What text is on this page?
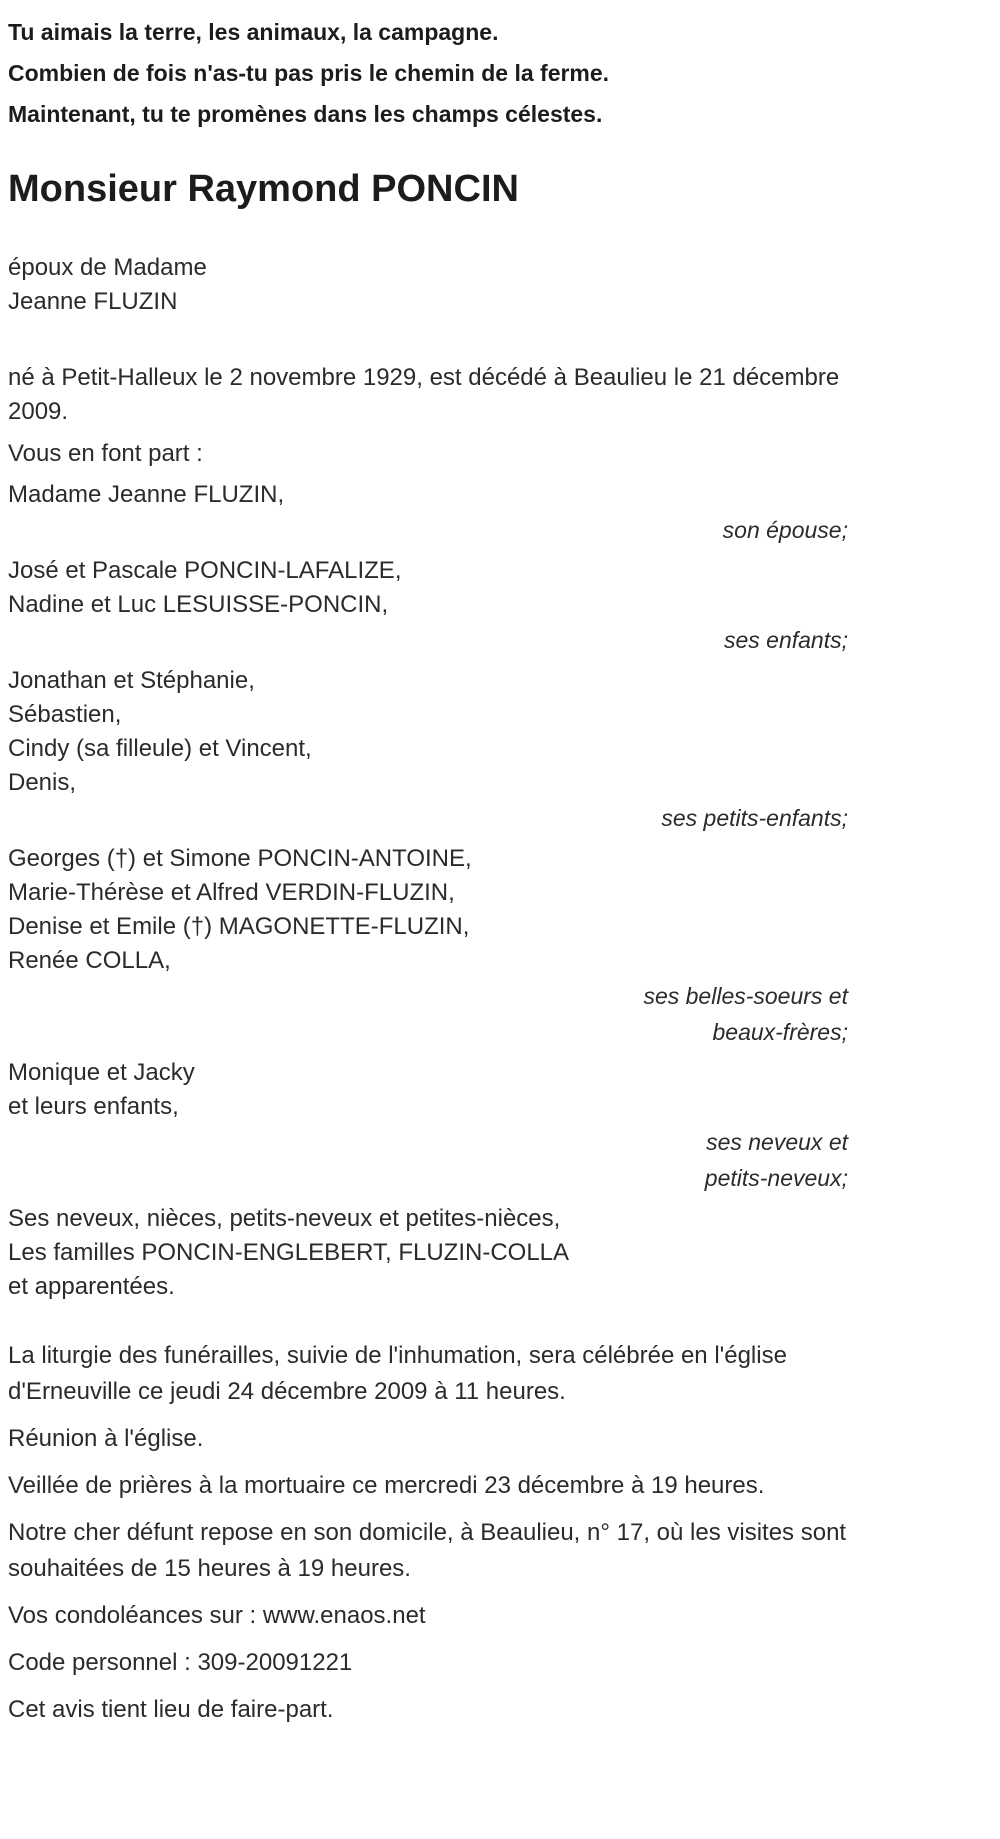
Tu aimais la terre, les animaux, la campagne.

Combien de fois n'as-tu pas pris le chemin de la ferme.

Maintenant, tu te promènes dans les champs célestes.

Monsieur Raymond PONCIN

époux de Madame

Jeanne FLUZIN

né à Petit-Halleux le 2 novembre 1929, est décédé à Beaulieu le 21 décembre 2009.

Vous en font part :

Madame Jeanne FLUZIN,

son épouse;

José et Pascale PONCIN-LAFALIZE,

Nadine et Luc LESUISSE-PONCIN,

ses enfants;

Jonathan et Stéphanie,

Sébastien,

Cindy (sa filleule) et Vincent,

Denis,

ses petits-enfants;

Georges (†) et Simone PONCIN-ANTOINE,

Marie-Thérèse et Alfred VERDIN-FLUZIN,

Denise et Emile (†) MAGONETTE-FLUZIN,

Renée COLLA,

ses belles-soeurs et

beaux-frères;

Monique et Jacky

et leurs enfants,

ses neveux et

petits-neveux;

Ses neveux, nièces, petits-neveux et petites-nièces,

Les familles PONCIN-ENGLEBERT, FLUZIN-COLLA

et apparentées.

La liturgie des funérailles, suivie de l'inhumation, sera célébrée en l'église d'Erneuville ce jeudi 24 décembre 2009 à 11 heures.

Réunion à l'église.

Veillée de prières à la mortuaire ce mercredi 23 décembre à 19 heures.

Notre cher défunt repose en son domicile, à Beaulieu, n° 17, où les visites sont souhaitées de 15 heures à 19 heures.

Vos condoléances sur : www.enaos.net

Code personnel : 309-20091221

Cet avis tient lieu de faire-part.
